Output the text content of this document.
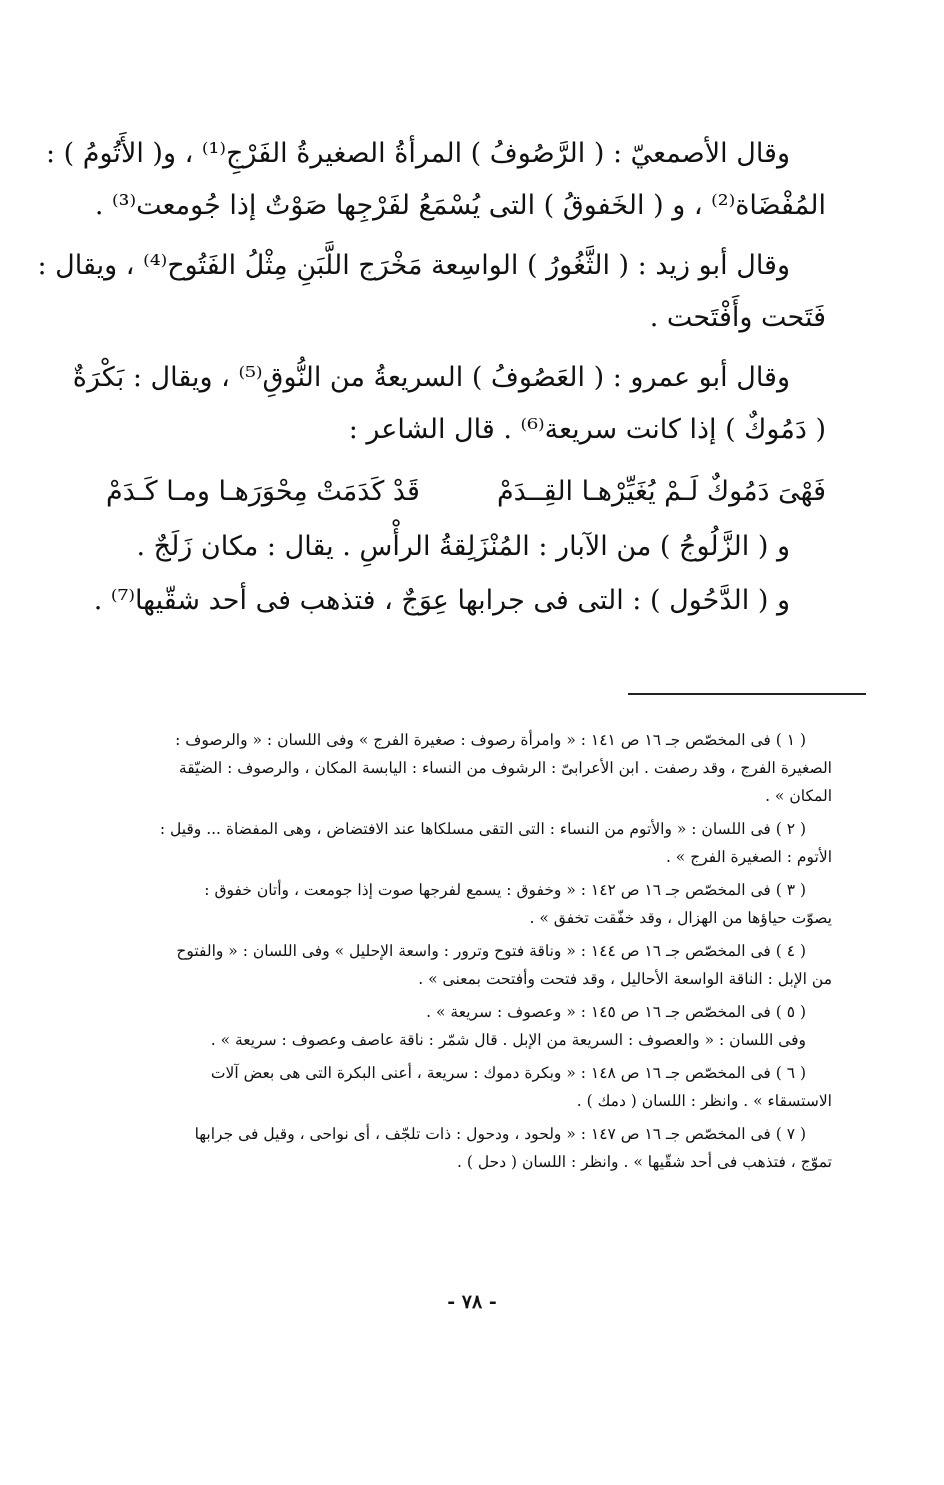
وقال الأصمعيّ : ( الرَّصُوفُ ) المرأةُ الصغيرةُ الفَرْجِ⁽¹⁾ ، و( الأَتُومُ ) :
المُفْضَاة⁽²⁾ ، و ( الخَفوقُ ) التى يُسْمَعُ لفَرْجِها صَوْتٌ إذا جُومعت⁽³⁾ .

وقال أبو زيد : ( الثَّغُورُ ) الواسِعة مَخْرَج اللَّبَنِ مِثْلُ الفَتُوح⁽⁴⁾ ، ويقال :
فَتَحت وأَفْتَحت .

وقال أبو عمرو : ( العَصُوفُ ) السريعةُ من النُّوقِ⁽⁵⁾ ، ويقال : بَكْرَةٌ
( دَمُوكٌ ) إذا كانت سريعة⁽⁶⁾ . قال الشاعر :

فَهْىَ دَمُوكٌ لَـمْ يُغَيِّرْهـا القِــدَمْ
قَدْ كَدَمَتْ مِحْوَرَهـا ومـا كَـدَمْ
و ( الزَّلُوجُ ) من الآبار : المُنْزَلِقةُ الرأْسِ . يقال : مكان زَلَجٌ .
و ( الدَّحُول ) : التى فى جرابها عِوَجٌ ، فتذهب فى أحد شقّيها⁽⁷⁾ .
( ١ ) فى المخصّص جـ ١٦ ص ١٤١ : « وامرأة رصوف : صغيرة الفرج » وفى اللسان : « والرصوف :
الصغيرة الفرج ، وقد رصفت . ابن الأعرابىّ : الرشوف من النساء : اليابسة المكان ، والرصوف : الضيّقة
المكان » .
( ٢ ) فى اللسان : « والأتوم من النساء : التى التقى مسلكاها عند الافتضاض ، وهى المفضاة ... وقيل :
الأتوم : الصغيرة الفرج » .
( ٣ ) فى المخصّص جـ ١٦ ص ١٤٢ : « وخفوق : يسمع لفرجها صوت إذا جومعت ، وأتان خفوق :
يصوّت حياؤها من الهزال ، وقد خفّقت تخفق » .
( ٤ ) فى المخصّص جـ ١٦ ص ١٤٤ : « وناقة فتوح وترور : واسعة الإحليل » وفى اللسان : « والفتوح
من الإبل : الناقة الواسعة الأحاليل ، وقد فتحت وأفتحت بمعنى » .
( ٥ ) فى المخصّص جـ ١٦ ص ١٤٥ : « وعصوف : سريعة » .
وفى اللسان : « والعصوف : السريعة من الإبل . قال شمّر : ناقة عاصف وعصوف : سريعة » .
( ٦ ) فى المخصّص جـ ١٦ ص ١٤٨ : « وبكرة دموك : سريعة ، أعنى البكرة التى هى بعض آلات
الاستسقاء » . وانظر : اللسان ( دمك ) .
( ٧ ) فى المخصّص جـ ١٦ ص ١٤٧ : « ولحود ، ودحول : ذات تلجّف ، أى نواحى ، وقيل فى جرابها
تموّج ، فتذهب فى أحد شقّيها » . وانظر : اللسان ( دحل ) .
- ٧٨ -
